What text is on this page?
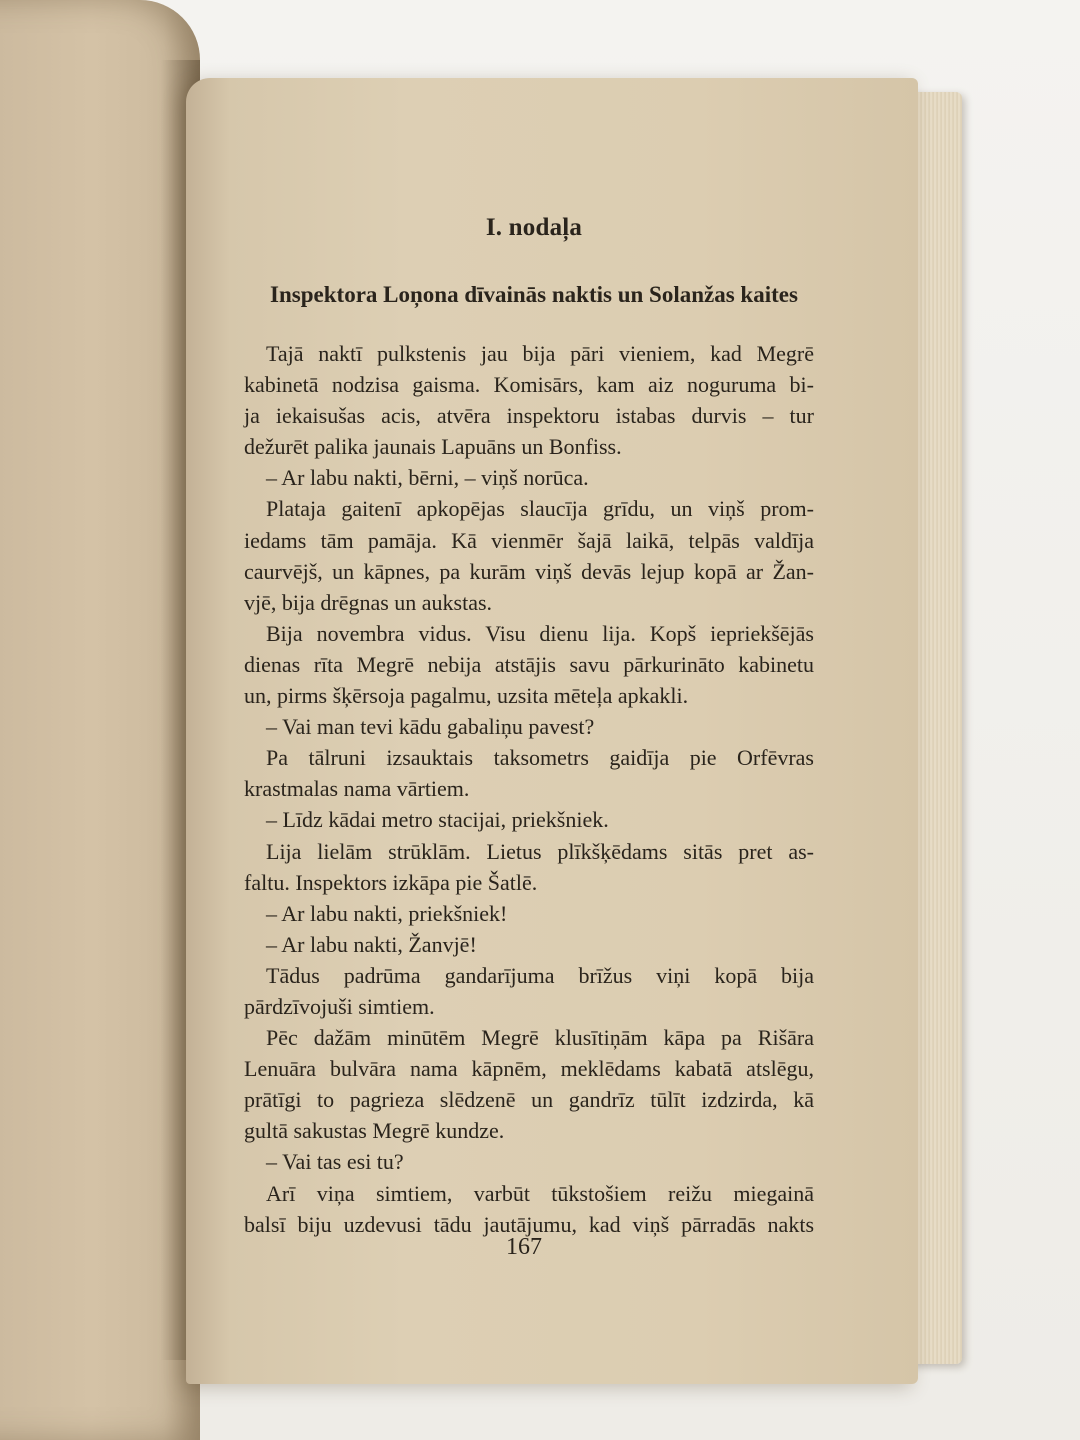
I. nodaļa
Inspektora Loņona dīvainās naktis un Solanžas kaites
Tajā naktī pulkstenis jau bija pāri vieniem, kad Megrē
kabinetā nodzisa gaisma. Komisārs, kam aiz noguruma bi-
ja iekaisušas acis, atvēra inspektoru istabas durvis – tur
dežurēt palika jaunais Lapuāns un Bonfiss.
– Ar labu nakti, bērni, – viņš norūca.
Plataja gaitenī apkopējas slaucīja grīdu, un viņš prom-
iedams tām pamāja. Kā vienmēr šajā laikā, telpās valdīja
caurvējš, un kāpnes, pa kurām viņš devās lejup kopā ar Žan-
vjē, bija drēgnas un aukstas.
Bija novembra vidus. Visu dienu lija. Kopš iepriekšējās
dienas rīta Megrē nebija atstājis savu pārkurināto kabinetu
un, pirms šķērsoja pagalmu, uzsita mēteļa apkakli.
– Vai man tevi kādu gabaliņu pavest?
Pa tālruni izsauktais taksometrs gaidīja pie Orfēvras
krastmalas nama vārtiem.
– Līdz kādai metro stacijai, priekšniek.
Lija lielām strūklām. Lietus plīkšķēdams sitās pret as-
faltu. Inspektors izkāpa pie Šatlē.
– Ar labu nakti, priekšniek!
– Ar labu nakti, Žanvjē!
Tādus padrūma gandarījuma brīžus viņi kopā bija
pārdzīvojuši simtiem.
Pēc dažām minūtēm Megrē klusītiņām kāpa pa Rišāra
Lenuāra bulvāra nama kāpnēm, meklēdams kabatā atslēgu,
prātīgi to pagrieza slēdzenē un gandrīz tūlīt izdzirda, kā
gultā sakustas Megrē kundze.
– Vai tas esi tu?
Arī viņa simtiem, varbūt tūkstošiem reižu miegainā
balsī biju uzdevusi tādu jautājumu, kad viņš pārradās nakts
167
